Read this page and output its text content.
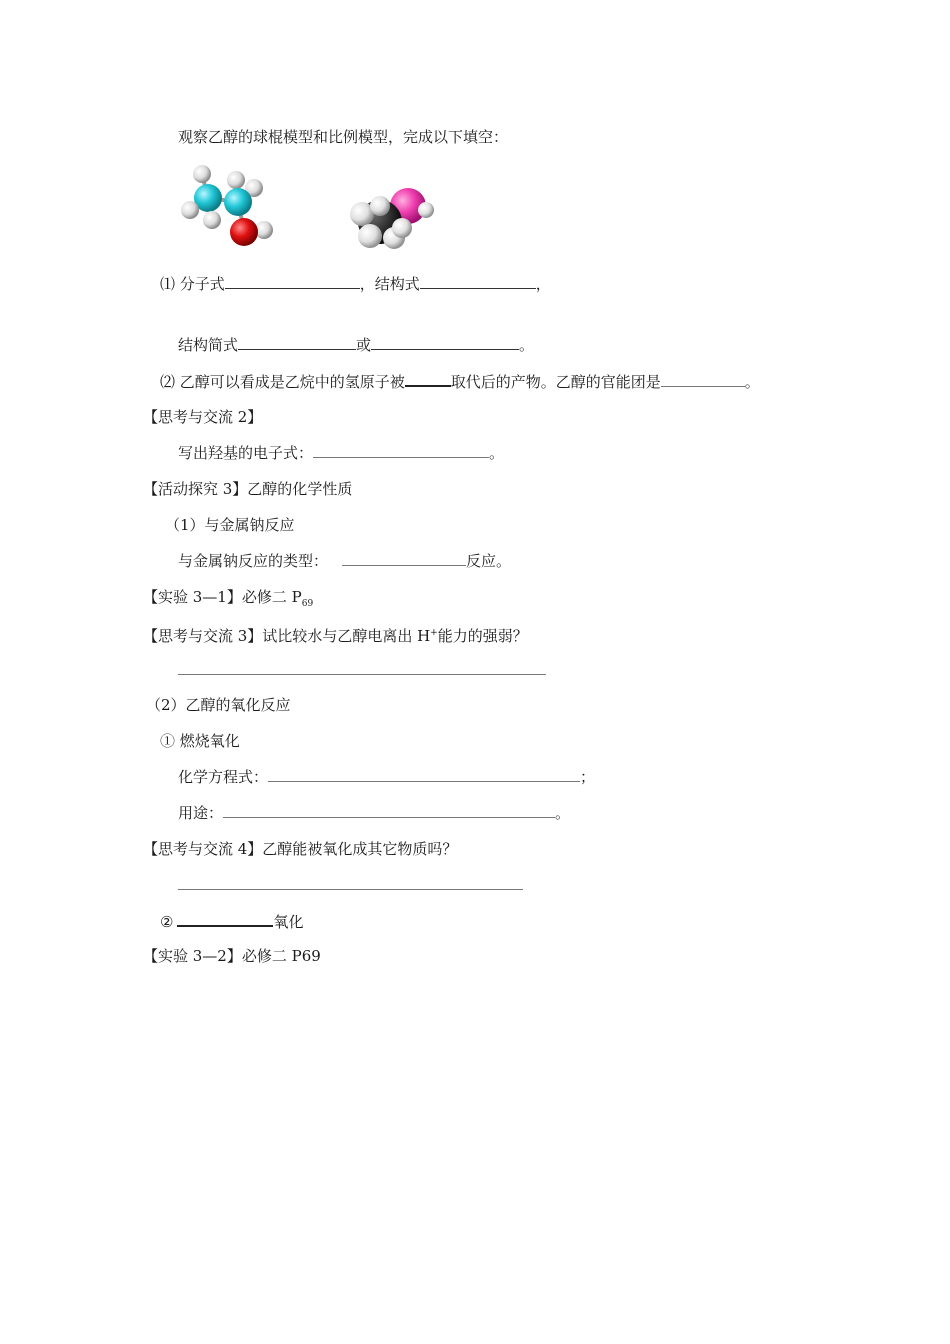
观察乙醇的球棍模型和比例模型，完成以下填空：
⑴ 分子式	，结构式	，
结构简式	或	。
⑵ 乙醇可以看成是乙烷中的氢原子被	取代后的产物。乙醇的官能团是	。
【思考与交流 2】
写出羟基的电子式：	。
【活动探究 3】乙醇的化学性质
（1）与金属钠反应
与金属钠反应的类型：	反应。
【实验 3—1】必修二 $P_{69}$
【思考与交流 3】试比较水与乙醇电离出 H+能力的强弱？
（2）乙醇的氧化反应
① 燃烧氧化
化学方程式：	；
用途：	。
【思考与交流 4】乙醇能被氧化成其它物质吗？
②	氧化
【实验 3—2】必修二 P69
